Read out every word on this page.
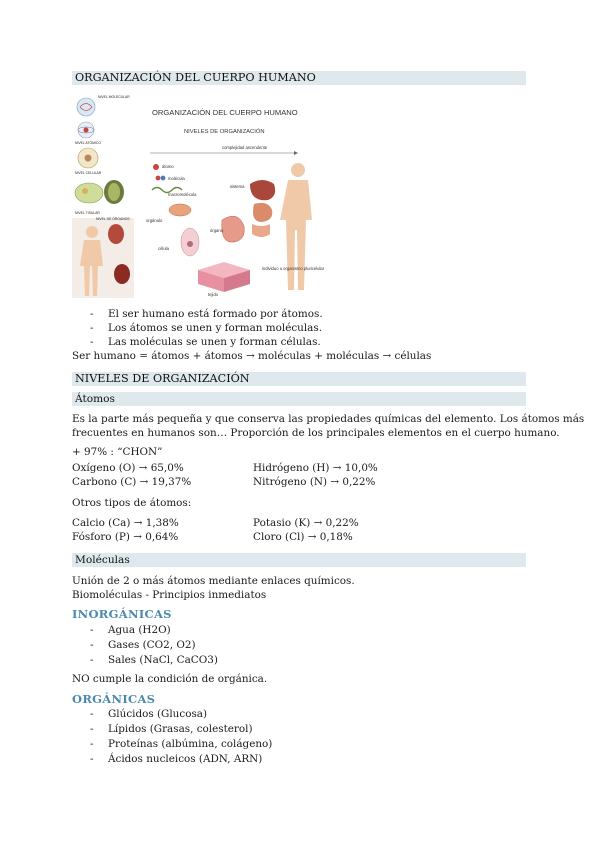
ORGANIZACIÓN DEL CUERPO HUMANO
NIVEL MOLECULAR
NIVEL ATÓMICO
NIVEL CELULAR
NIVEL TISULAR
NIVEL DE ÓRGANOS
ORGANIZACIÓN DEL CUERPO HUMANO
NIVELES DE ORGANIZACIÓN
complejidad ascendente
átomo
molécula
macromolécula
orgánulo
célula
tejido
órgano
sistema
individuo u organismo pluricelular
- El ser humano está formado por átomos.
- Los átomos se unen y forman moléculas.
- Las moléculas se unen y forman células.
Ser humano = átomos + átomos → moléculas + moléculas → células
NIVELES DE ORGANIZACIÓN
Átomos
Es la parte más pequeña y que conserva las propiedades químicas del elemento. Los átomos más
frecuentes en humanos son… Proporción de los principales elementos en el cuerpo humano.
+ 97% : “CHON”
Oxígeno (O) → 65,0%	Hidrógeno (H) → 10,0%
Carbono (C) → 19,37%	Nitrógeno (N) → 0,22%
Otros tipos de átomos:
Calcio (Ca) → 1,38%	Potasio (K) → 0,22%
Fósforo (P) → 0,64%	Cloro (Cl) → 0,18%
Moléculas
Unión de 2 o más átomos mediante enlaces químicos.
Biomoléculas - Principios inmediatos
INORGÁNICAS
- Agua (H2O)
- Gases (CO2, O2)
- Sales (NaCl, CaCO3)
NO cumple la condición de orgánica.
ORGÁNICAS
- Glúcidos (Glucosa)
- Lípidos (Grasas, colesterol)
- Proteínas (albúmina, colágeno)
- Ácidos nucleicos (ADN, ARN)
